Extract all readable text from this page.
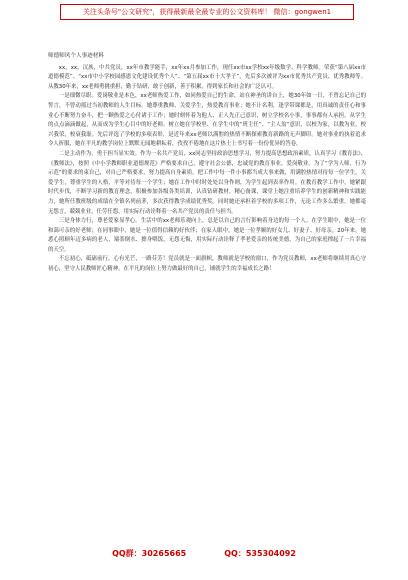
关注头条号"公文研究"，获得最新最全最专业的公文资料库！ 微信：gongwen1
师德师风个人事迹材料

xx，xx，汉族，中共党员，xx年市教学能手，xx年xx月参加工作，现任xx市xx学校xx年级数学、科学教师。荣获“第八届xx市道德模范”、“xx市中小学校园感恩文化建设优秀个人”、“第五届xx市十大孝子”，先后多次被评为xx市优秀共产党员、优秀教师等。从教30年来，xx老师勇挑重担，勤于钻研，敢于创新，善于积累，得到家长和社会的广泛认可。

一是细微尽职。爱岗敬业是本色，xx老师热爱工作，如同热爱自己的生命，站在神圣的讲台上，她30年如一日，不曾忘记自己的誓言，不曾动摇过当初教师的人生目标。她尊重教师、关爱学生，热爱教育事业；她不计名利，逢学带课都是，用真诚的责任心和事业心不断努力奋斗，把一颗热爱之心付诸于工作；她时刻怀着为他人、正人先正己意识，树立学校名小事，事事都有人承担，从学生的点点滴滴做起，从而成为学生心目中的好老师。树立她在学校里、在学生中的“班主任”、“主人翁”意识，以校为家，以教为业，校兴我荣，校衰我耻。先后评选了学校的多项表彰，是近年来xx老师以满腔的热情不断探索教育新路的无声脚印。她对事业的执着追求令人折服，她在平凡的教学岗位上默默无闻地耕耘着，孜孜不倦地在这片热土上书写着一份份优异的答卷。

二是主动作为，勇于担当显实效。作为一名共产党员，xx同志坚持政治思想学习，努力提高思想政治素质，认真学习《教育法》、《教师法》，按照《中小学教师职业道德规范》严格要求自己，遵守社会公德，忠诚党的教育事业，爱岗敬业。为了“学为人师，行为示范”的要求的束自己，对自己严格要求，努力提高自身素质，把工作中每一件小事都当成大事来做，用满腔热情对待每一位学生，关爱学生，尊重学生的人格，平等对待每一个学生；她在工作中时时处处以身作则，为学生起到表率作用。在教育教学工作中，她紧跟时代步伐，不断学习新的教育理念，积极参加各级各类培训，认真钻研教材，精心备课，课堂上她注重培养学生的创新精神和实践能力，她所任教班级的成绩在全镇名列前茅，多次获得教学成绩优秀奖。同时她还承担着学校的多项工作，无论工作多么繁重，她都毫无怨言，兢兢业业，任劳任怨，用实际行动诠释着一名共产党员的责任与担当。

三是身体力行，尊老爱家显孝心。生活中的xx老师乐观向上，总是以自己的言行影响着身边的每一个人。在学生眼中，她是一位和蔼可亲的好老师；在同事眼中，她是一位值得信赖的好伙伴；在家人眼中，她是一位孝顺的好女儿、好妻子、好母亲。20年来，她悉心照顾年迈多病的老人，端茶倒水、擦身喂饭，无怨无悔，用实际行动诠释了孝老爱亲的传统美德，为自己的家庭撑起了一片幸福的天空。

不忘初心，砥砺前行，心有光芒，一路芬芳！党员就是一面旗帜，教师就是学校的窗口，作为党员教师，xx老师将继续用真心守初心，坚守人民教师匠心精神，在平凡的岗位上努力做最好的自己，铺就学生的幸福成长之路！

QQ群：30265665	QQ：535304092
